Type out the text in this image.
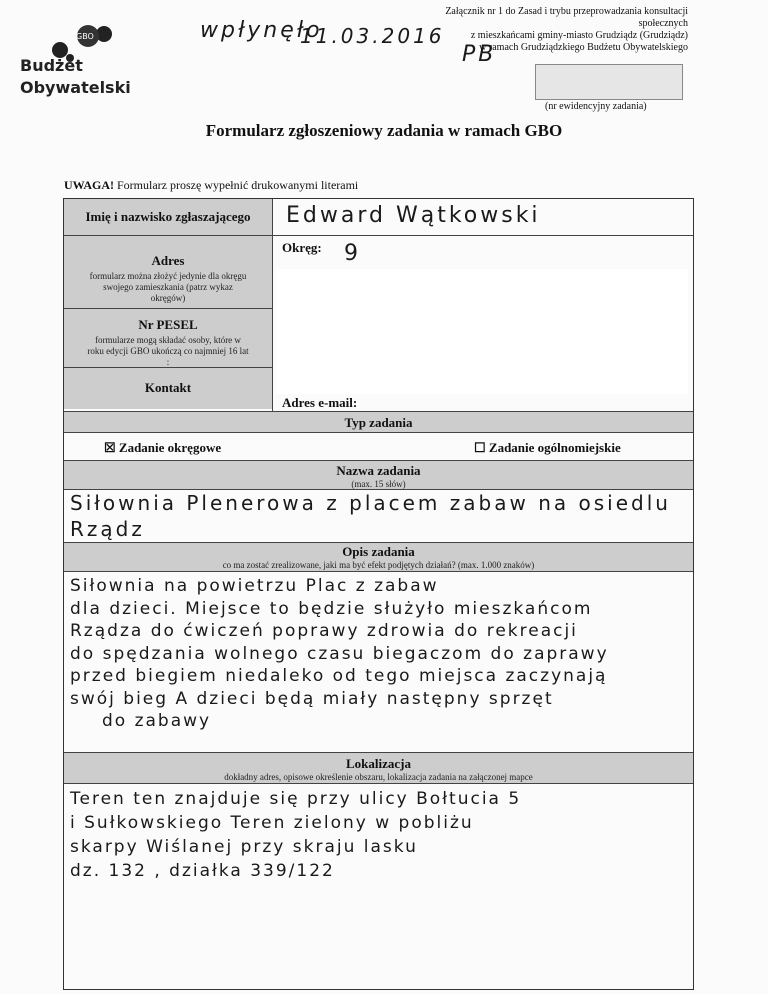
GBO
Budżet
Obywatelski
wpłynęło
11.03.2016
PB
Załącznik nr 1 do Zasad i trybu przeprowadzania konsultacji społecznych
z mieszkańcami gminy-miasto Grudziądz (Grudziądz)
w ramach Grudziądzkiego Budżetu Obywatelskiego
(nr ewidencyjny zadania)
Formularz zgłoszeniowy zadania w ramach GBO
UWAGA! Formularz proszę wypełnić drukowanymi literami
Imię i nazwisko zgłaszającego
Adres
formularz można złożyć jedynie dla okręgu swojego zamieszkania (patrz wykaz okręgów)
Nr PESEL
formularze mogą składać osoby, które w roku edycji GBO ukończą co najmniej 16 lat :
Kontakt
Edward Wątkowski
Okręg: 9
Adres e-mail:
Typ zadania
☒ Zadanie okręgowe	☐ Zadanie ogólnomiejskie
Nazwa zadania
(max. 15 słów)
Siłownia Plenerowa z placem zabaw na osiedlu
Rządz
Opis zadania
co ma zostać zrealizowane, jaki ma być efekt podjętych działań? (max. 1.000 znaków)
Siłownia na powietrzu Plac z zabaw
dla dzieci. Miejsce to będzie służyło mieszkańcom
Rządza do ćwiczeń poprawy zdrowia do rekreacji
do spędzania wolnego czasu biegaczom do zaprawy
przed biegiem niedaleko od tego miejsca zaczynają
swój bieg A dzieci będą miały następny sprzęt
do zabawy
Lokalizacja
dokładny adres, opisowe określenie obszaru, lokalizacja zadania na załączonej mapce
Teren ten znajduje się przy ulicy Bołtucia 5
i Sułkowskiego Teren zielony w pobliżu
skarpy Wiślanej przy skraju lasku
dz. 132 , działka 339/122
